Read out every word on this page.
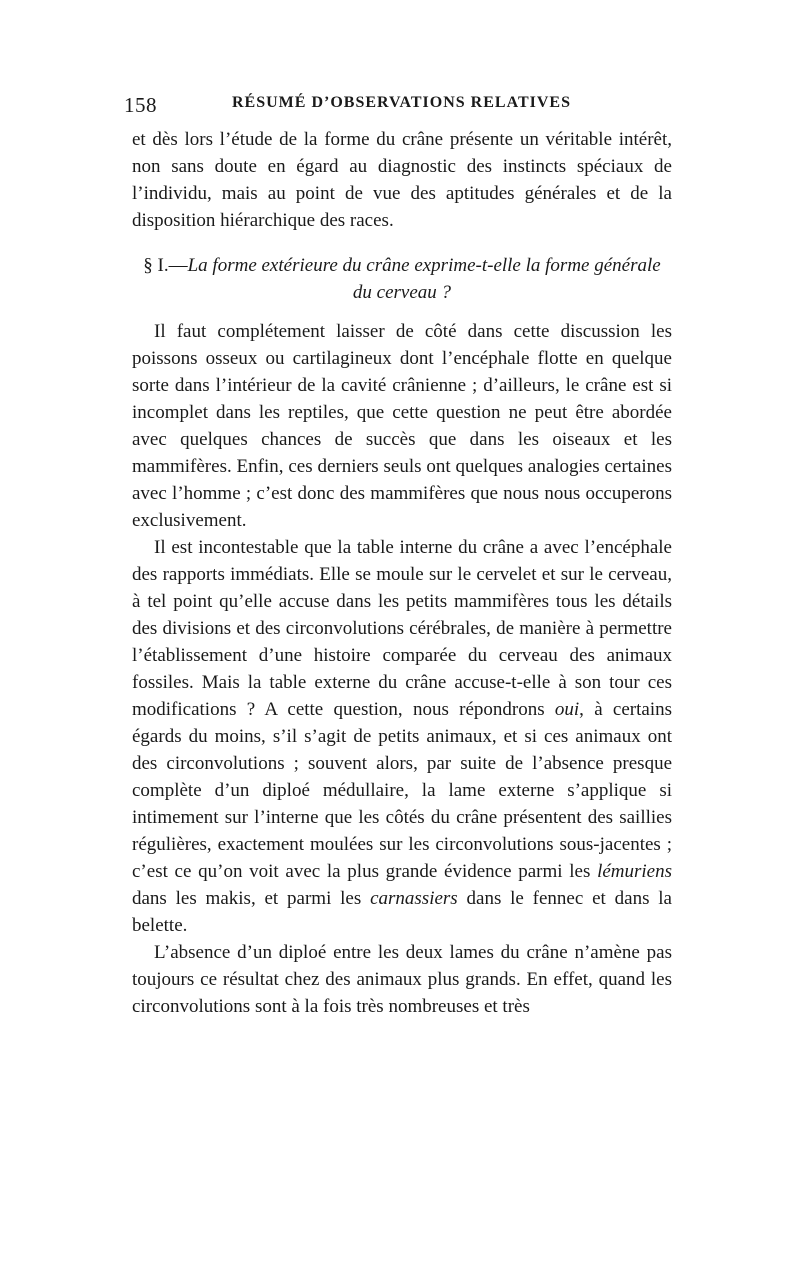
158	RÉSUMÉ D’OBSERVATIONS RELATIVES

et dès lors l’étude de la forme du crâne présente un véritable intérêt, non sans doute en égard au diagnostic des instincts spéciaux de l’individu, mais au point de vue des aptitudes générales et de la disposition hiérarchique des races.

§ I.—La forme extérieure du crâne exprime-t-elle la forme générale du cerveau ?

Il faut complétement laisser de côté dans cette discussion les poissons osseux ou cartilagineux dont l’encéphale flotte en quelque sorte dans l’intérieur de la cavité crânienne ; d’ailleurs, le crâne est si incomplet dans les reptiles, que cette question ne peut être abordée avec quelques chances de succès que dans les oiseaux et les mammifères. Enfin, ces derniers seuls ont quelques analogies certaines avec l’homme ; c’est donc des mammifères que nous nous occuperons exclusivement.

Il est incontestable que la table interne du crâne a avec l’encéphale des rapports immédiats. Elle se moule sur le cervelet et sur le cerveau, à tel point qu’elle accuse dans les petits mammifères tous les détails des divisions et des circonvolutions cérébrales, de manière à permettre l’établissement d’une histoire comparée du cerveau des animaux fossiles. Mais la table externe du crâne accuse-t-elle à son tour ces modifications ? A cette question, nous répondrons oui, à certains égards du moins, s’il s’agit de petits animaux, et si ces animaux ont des circonvolutions ; souvent alors, par suite de l’absence presque complète d’un diploé médullaire, la lame externe s’applique si intimement sur l’interne que les côtés du crâne présentent des saillies régulières, exactement moulées sur les circonvolutions sous-jacentes ; c’est ce qu’on voit avec la plus grande évidence parmi les lémuriens dans les makis, et parmi les carnassiers dans le fennec et dans la belette.

L’absence d’un diploé entre les deux lames du crâne n’amène pas toujours ce résultat chez des animaux plus grands. En effet, quand les circonvolutions sont à la fois très nombreuses et très
